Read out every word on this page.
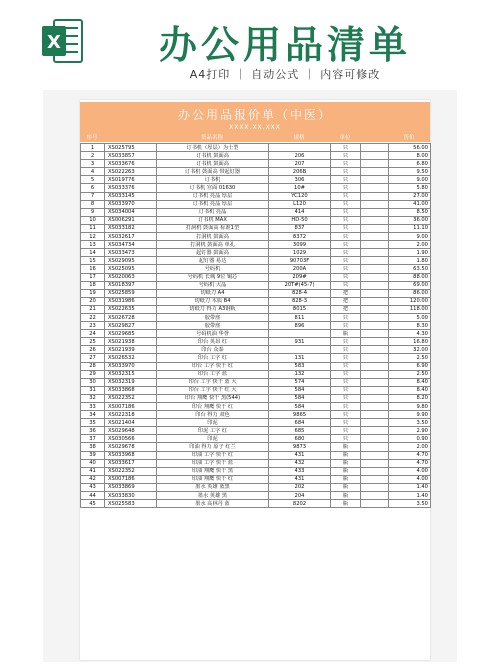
X	办公用品清单
A4打印 ｜ 自动公式 ｜ 内容可修改
办公用品报价单（中医）
XXXX.XX.XXX
序号	货品名称	规格	单位	售价
1	XS025795	订书机（厚层）为士型		只		56.00
2	XS033857	订书机 鼓面高	206	只		8.00
3	XS033676	订书机 鼓面高	207	只		6.80
4	XS022263	订书机 鼓面高 带起钉器	206B	只		9.50
5	XS019776	订书机	306	只		9.00
6	XS033376	订书机 宫面 01630	10#	只		5.80
7	XS033145	订书机 亮晶 厚层	YC120	只		27.00
8	XS033970	订书机 亮晶 厚层	L120	只		41.00
9	XS034004	订书机 亮晶	414	只		8.50
10	XS006291	订书机 MAX	HD-50	只		36.00
11	XS033182	打洞机 鼓面高 标准1型	837	只		11.10
12	XS032617	打洞机 鼓面高	8372	只		9.00
13	XS034734	打洞机 鼓面高 单孔	3099	只		2.00
14	XS033473	起钉器 鼓面高	1029	只		1.90
15	XS029095	起钉器 易达	90703F	只		1.80
16	XS025095	号码机	200A	只		63.50
17	XS020063	号码机 长城 9位 铜芯	209#	只		88.00
18	XS018397	号码机 大晶	20T#(45-7)	只		69.00
19	XS025859	切纸刀 A4	828-4	把		86.00
20	XS031986	切纸刀 木质 B4	828-3	把		120.00
21	XS022635	切纸刀 得力 A3钢板	8015	把		118.00
22	XS026728	胶带座	811	只		5.00
23	XS029827	胶带座	896	只		8.30
24	XS029685	号码机油 华誉		瓶		4.30
25	XS021938	印台 英昂 红	931	只		16.80
26	XS021939	印台 众泰		只		32.00
27	XS026532	印台 工字 红	131	只		2.50
28	XS033970	印台 工字 快干 红	583	只		6.90
29	XS032315	印台 工字 蓝	132	只		2.50
30	XS032319	印台 工字 快干 蓝 大	574	只		8.40
31	XS033868	印台 工字 快干 红 大	584	只		8.40
32	XS022352	印台 翔鹰 快干 黑(544)	584	只		8.20
33	XS007186	印台 翔鹰 快干 红	584	只		9.80
34	XS022318	印台 得力 双色	9865	只		9.90
35	XS021404	印泥	684	只		3.50
36	XS029648	印泥 工字 红	685	只		2.90
37	XS030566	印泥	680	只		0.90
38	XS029678	印油 得力 原子 红兰	9873	瓶		2.00
39	XS033968	印油 工字 快干 红	431	瓶		4.70
40	XS033617	印油 工字 快干 蓝	432	瓶		4.70
41	XS022352	印油 翔鹰 快干 黑	433	瓶		4.00
42	XS007186	印油 翔鹰 快干 红	431	瓶		4.00
43	XS033869	墨水 英雄 蓝黑	202	瓶		1.40
44	XS033830	墨水 英雄 黑	204	瓶		1.40
45	XS025583	墨水 高林丹 蓝	8202	瓶		3.50
